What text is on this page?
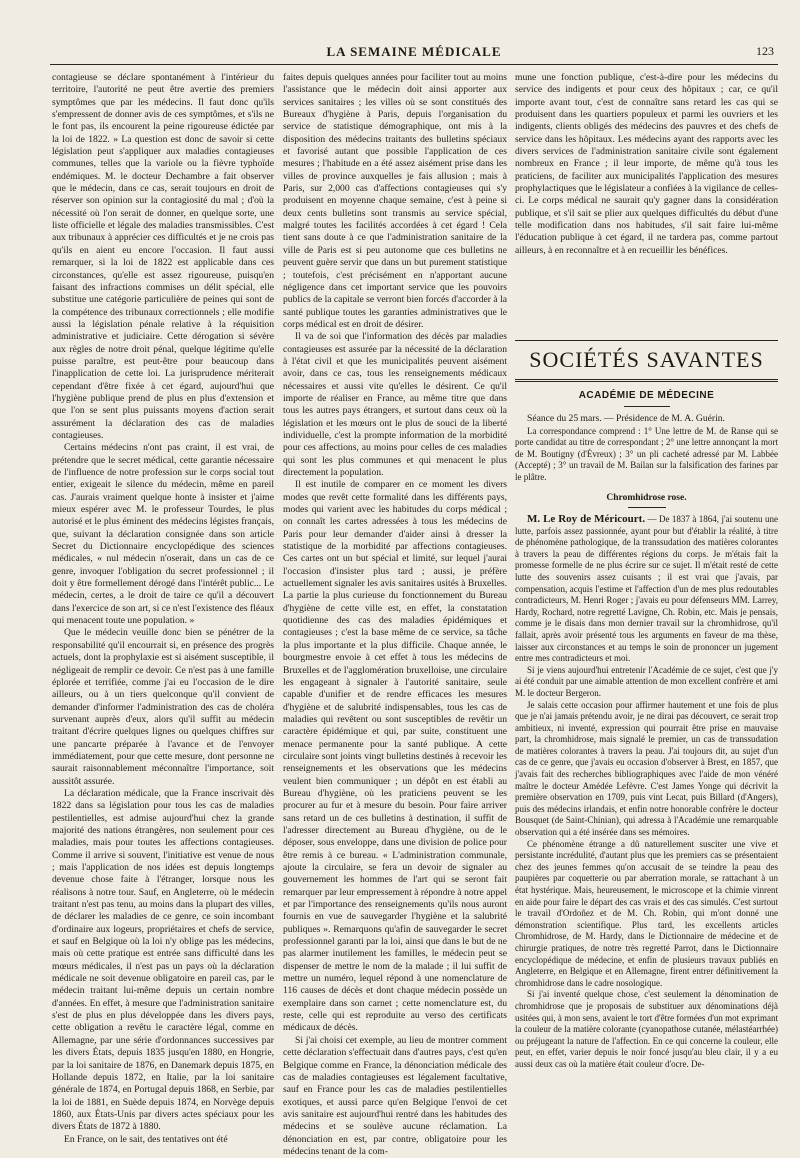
LA SEMAINE MÉDICALE	123

contagieuse se déclare spontanément à l'intérieur du territoire, l'autorité ne peut être avertie des premiers symptômes que par les médecins. Il faut donc qu'ils s'empressent de donner avis de ces symptômes, et s'ils ne le font pas, ils encourent la peine rigoureuse édictée par la loi de 1822. » La question est donc de savoir si cette législation peut s'appliquer aux maladies contagieuses communes, telles que la variole ou la fièvre typhoïde endémiques. M. le docteur Dechambre a fait observer que le médecin, dans ce cas, serait toujours en droit de réserver son opinion sur la contagiosité du mal ; d'où la nécessité où l'on serait de donner, en quelque sorte, une liste officielle et légale des maladies transmissibles. C'est aux tribunaux à apprécier ces difficultés et je ne crois pas qu'ils en aient eu encore l'occasion. Il faut aussi remarquer, si la loi de 1822 est applicable dans ces circonstances, qu'elle est assez rigoureuse, puisqu'en faisant des infractions commises un délit spécial, elle substitue une catégorie particulière de peines qui sont de la compétence des tribunaux correctionnels ; elle modifie aussi la législation pénale relative à la réquisition administrative et judiciaire. Cette dérogation si sévère aux règles de notre droit pénal, quelque légitime qu'elle puisse paraître, est peut-être pour beaucoup dans l'inapplication de cette loi. La jurisprudence mériterait cependant d'être fixée à cet égard, aujourd'hui que l'hygiène publique prend de plus en plus d'extension et que l'on se sent plus puissants moyens d'action serait assurément la déclaration des cas de maladies contagieuses.

Certains médecins n'ont pas craint, il est vrai, de prétendre que le secret médical, cette garantie nécessaire de l'influence de notre profession sur le corps social tout entier, exigeait le silence du médecin, même en pareil cas. J'aurais vraiment quelque honte à insister et j'aime mieux espérer avec M. le professeur Tourdes, le plus autorisé et le plus éminent des médecins légistes français, que, suivant la déclaration consignée dans son article Secret du Dictionnaire encyclopédique des sciences médicales, « nul médecin n'oserait, dans un cas de ce genre, invoquer l'obligation du secret professionnel ; il doit y être formellement dérogé dans l'intérêt public... Le médecin, certes, a le droit de taire ce qu'il a découvert dans l'exercice de son art, si ce n'est l'existence des fléaux qui menacent toute une population. »

Que le médecin veuille donc bien se pénétrer de la responsabilité qu'il encourrait si, en présence des progrès actuels, dont la prophylaxie est si aisément susceptible, il négligeait de remplir ce devoir. Ce n'est pas à une famille éplorée et terrifiée, comme j'ai eu l'occasion de le dire ailleurs, ou à un tiers quelconque qu'il convient de demander d'informer l'administration des cas de choléra survenant auprès d'eux, alors qu'il suffit au médecin traitant d'écrire quelques lignes ou quelques chiffres sur une pancarte préparée à l'avance et de l'envoyer immédiatement, pour que cette mesure, dont personne ne saurait raisonnablement méconnaître l'importance, soit aussitôt assurée.

La déclaration médicale, que la France inscrivait dès 1822 dans sa législation pour tous les cas de maladies pestilentielles, est admise aujourd'hui chez la grande majorité des nations étrangères, non seulement pour ces maladies, mais pour toutes les affections contagieuses. Comme il arrive si souvent, l'initiative est venue de nous ; mais l'application de nos idées est depuis longtemps devenue chose faite à l'étranger, lorsque nous les réalisons à notre tour. Sauf, en Angleterre, où le médecin traitant n'est pas tenu, au moins dans la plupart des villes, de déclarer les maladies de ce genre, ce soin incombant d'ordinaire aux logeurs, propriétaires et chefs de service, et sauf en Belgique où la loi n'y oblige pas les médecins, mais où cette pratique est entrée sans difficulté dans les mœurs médicales, il n'est pas un pays où la déclaration médicale ne soit devenue obligatoire en pareil cas, par le médecin traitant lui-même depuis un certain nombre d'années. En effet, à mesure que l'administration sanitaire s'est de plus en plus développée dans les divers pays, cette obligation a revêtu le caractère légal, comme en Allemagne, par une série d'ordonnances successives par les divers États, depuis 1835 jusqu'en 1880, en Hongrie, par la loi sanitaire de 1876, en Danemark depuis 1875, en Hollande depuis 1872, en Italie, par la loi sanitaire générale de 1874, en Portugal depuis 1868, en Serbie, par la loi de 1881, en Suède depuis 1874, en Norvège depuis 1860, aux États-Unis par divers actes spéciaux pour les divers États de 1872 à 1880.

En France, on le sait, des tentatives ont été

faites depuis quelques années pour faciliter tout au moins l'assistance que le médecin doit ainsi apporter aux services sanitaires ; les villes où se sont constitués des Bureaux d'hygiène à Paris, depuis l'organisation du service de statistique démographique, ont mis à la disposition des médecins traitants des bulletins spéciaux et favorisé autant que possible l'application de ces mesures ; l'habitude en a été assez aisément prise dans les villes de province auxquelles je fais allusion ; mais à Paris, sur 2,000 cas d'affections contagieuses qui s'y produisent en moyenne chaque semaine, c'est à peine si deux cents bulletins sont transmis au service spécial, malgré toutes les facilités accordées à cet égard ! Cela tient sans doute à ce que l'administration sanitaire de la ville de Paris est si peu autonome que ces bulletins ne peuvent guère servir que dans un but purement statistique ; toutefois, c'est précisément en n'apportant aucune négligence dans cet important service que les pouvoirs publics de la capitale se verront bien forcés d'accorder à la santé publique toutes les garanties administratives que le corps médical est en droit de désirer.

Il va de soi que l'information des décès par maladies contagieuses est assurée par la nécessité de la déclaration à l'état civil et que les municipalités peuvent aisément avoir, dans ce cas, tous les renseignements médicaux nécessaires et aussi vite qu'elles le désirent. Ce qu'il importe de réaliser en France, au même titre que dans tous les autres pays étrangers, et surtout dans ceux où la législation et les mœurs ont le plus de souci de la liberté individuelle, c'est la prompte information de la morbidité pour ces affections, au moins pour celles de ces maladies qui sont les plus communes et qui menacent le plus directement la population.

Il est inutile de comparer en ce moment les divers modes que revêt cette formalité dans les différents pays, modes qui varient avec les habitudes du corps médical ; on connaît les cartes adressées à tous les médecins de Paris pour leur demander d'aider ainsi à dresser la statistique de la morbidité par affections contagieuses. Ces cartes ont un but spécial et limité, sur lequel j'aurai l'occasion d'insister plus tard ; aussi, je préfère actuellement signaler les avis sanitaires usités à Bruxelles. La partie la plus curieuse du fonctionnement du Bureau d'hygiène de cette ville est, en effet, la constatation quotidienne des cas des maladies épidémiques et contagieuses ; c'est la base même de ce service, sa tâche la plus importante et la plus difficile. Chaque année, le bourgmestre envoie à cet effet à tous les médecins de Bruxelles et de l'agglomération bruxelloise, une circulaire les engageant à signaler à l'autorité sanitaire, seule capable d'unifier et de rendre efficaces les mesures d'hygiène et de salubrité indispensables, tous les cas de maladies qui revêtent ou sont susceptibles de revêtir un caractère épidémique et qui, par suite, constituent une menace permanente pour la santé publique. A cette circulaire sont joints vingt bulletins destinés à recevoir les renseignements et les observations que les médecins veulent bien communiquer ; un dépôt en est établi au Bureau d'hygiène, où les praticiens peuvent se les procurer au fur et à mesure du besoin. Pour faire arriver sans retard un de ces bulletins à destination, il suffit de l'adresser directement au Bureau d'hygiène, ou de le déposer, sous enveloppe, dans une division de police pour être remis à ce bureau. « L'administration communale, ajoute la circulaire, se fera un devoir de signaler au gouvernement les hommes de l'art qui se seront fait remarquer par leur empressement à répondre à notre appel et par l'importance des renseignements qu'ils nous auront fournis en vue de sauvegarder l'hygiène et la salubrité publiques ». Remarquons qu'afin de sauvegarder le secret professionnel garanti par la loi, ainsi que dans le but de ne pas alarmer inutilement les familles, le médecin peut se dispenser de mettre le nom de la malade ; il lui suffit de mettre un numéro, lequel répond à une nomenclature de 116 causes de décès et dont chaque médecin possède un exemplaire dans son carnet ; cette nomenclature est, du reste, celle qui est reproduite au verso des certificats médicaux de décès.

Si j'ai choisi cet exemple, au lieu de montrer comment cette déclaration s'effectuait dans d'autres pays, c'est qu'en Belgique comme en France, la dénonciation médicale des cas de maladies contagieuses est légalement facultative, sauf en France pour les cas de maladies pestilentielles exotiques, et aussi parce qu'en Belgique l'envoi de cet avis sanitaire est aujourd'hui rentré dans les habitudes des médecins et se soulève aucune réclamation. La dénonciation en est, par contre, obligatoire pour les médecins tenant de la com-

mune une fonction publique, c'est-à-dire pour les médecins du service des indigents et pour ceux des hôpitaux ; car, ce qu'il importe avant tout, c'est de connaître sans retard les cas qui se produisent dans les quartiers populeux et parmi les ouvriers et les indigents, clients obligés des médecins des pauvres et des chefs de service dans les hôpitaux. Les médecins ayant des rapports avec les divers services de l'administration sanitaire civile sont également nombreux en France ; il leur importe, de même qu'à tous les praticiens, de faciliter aux municipalités l'application des mesures prophylactiques que le législateur a confiées à la vigilance de celles-ci. Le corps médical ne saurait qu'y gagner dans la considération publique, et s'il sait se plier aux quelques difficultés du début d'une telle modification dans nos habitudes, s'il sait faire lui-même l'éducation publique à cet égard, il ne tardera pas, comme partout ailleurs, à en reconnaître et à en recueillir les bénéfices.

SOCIÉTÉS SAVANTES
ACADÉMIE DE MÉDECINE

Séance du 25 mars. — Présidence de M. A. Guérin.

La correspondance comprend : 1° Une lettre de M. de Ranse qui se porte candidat au titre de correspondant ; 2° une lettre annonçant la mort de M. Boutigny (d'Évreux) ; 3° un pli cacheté adressé par M. Labbée (Accepté) ; 3° un travail de M. Bailan sur la falsification des farines par le plâtre.

Chromhidrose rose.

M. Le Roy de Méricourt. — De 1837 à 1864, j'ai soutenu une lutte, parfois assez passionnée, ayant pour but d'établir la réalité, à titre de phénomène pathologique, de la transsudation des matières colorantes à travers la peau de différentes régions du corps. Je m'étais fait la promesse formelle de ne plus écrire sur ce sujet. Il m'était resté de cette lutte des souvenirs assez cuisants ; il est vrai que j'avais, par compensation, acquis l'estime et l'affection d'un de mes plus redoutables contradicteurs, M. Henri Roger ; j'avais eu pour défenseurs MM. Larrey, Hardy, Rochard, notre regretté Lavigne, Ch. Robin, etc. Mais je pensais, comme je le disais dans mon dernier travail sur la chromhidrose, qu'il fallait, après avoir présenté tous les arguments en faveur de ma thèse, laisser aux circonstances et au temps le soin de prononcer un jugement entre mes contradicteurs et moi.

Si je viens aujourd'hui entretenir l'Académie de ce sujet, c'est que j'y ai été conduit par une aimable attention de mon excellent confrère et ami M. le docteur Bergeron.

Je salais cette occasion pour affirmer hautement et une fois de plus que je n'ai jamais prétendu avoir, je ne dirai pas découvert, ce serait trop ambitieux, ni inventé, expression qui pourrait être prise en mauvaise part, la chromhidrose, mais signalé le premier, un cas de transsudation de matières colorantes à travers la peau. J'ai toujours dit, au sujet d'un cas de ce genre, que j'avais eu occasion d'observer à Brest, en 1857, que j'avais fait des recherches bibliographiques avec l'aide de mon vénéré maître le docteur Amédée Lefèvre. C'est James Yonge qui décrivit la première observation en 1709, puis vint Lecat, puis Billard (d'Angers), puis des médecins irlandais, et enfin notre honorable confrère le docteur Bousquet (de Saint-Chinian), qui adressa à l'Académie une remarquable observation qui a été insérée dans ses mémoires.

Ce phénomène étrange a dû naturellement susciter une vive et persistante incrédulité, d'autant plus que les premiers cas se présentaient chez des jeunes femmes qu'on accusait de se teindre la peau des paupières par coquetterie ou par aberration morale, se rattachant à un état hystérique. Mais, heureusement, le microscope et la chimie vinrent en aide pour faire le départ des cas vrais et des cas simulés. C'est surtout le travail d'Ordoñez et de M. Ch. Robin, qui m'ont donné une démonstration scientifique. Plus tard, les excellents articles Chromhidrose, de M. Hardy, dans le Dictionnaire de médecine et de chirurgie pratiques, de notre très regretté Parrot, dans le Dictionnaire encyclopédique de médecine, et enfin de plusieurs travaux publiés en Angleterre, en Belgique et en Allemagne, firent entrer définitivement la chromhidrose dans le cadre nosologique.

Si j'ai inventé quelque chose, c'est seulement la dénomination de chromhidrose que je proposais de substituer aux dénominations déjà usitées qui, à mon sens, avaient le tort d'être formées d'un mot exprimant la couleur de la matière colorante (cyanopathose cutanée, mélastéarrhée) ou préjugeant la nature de l'affection. En ce qui concerne la couleur, elle peut, en effet, varier depuis le noir foncé jusqu'au bleu clair, il y a eu aussi deux cas où la matière était couleur d'ocre. De-
